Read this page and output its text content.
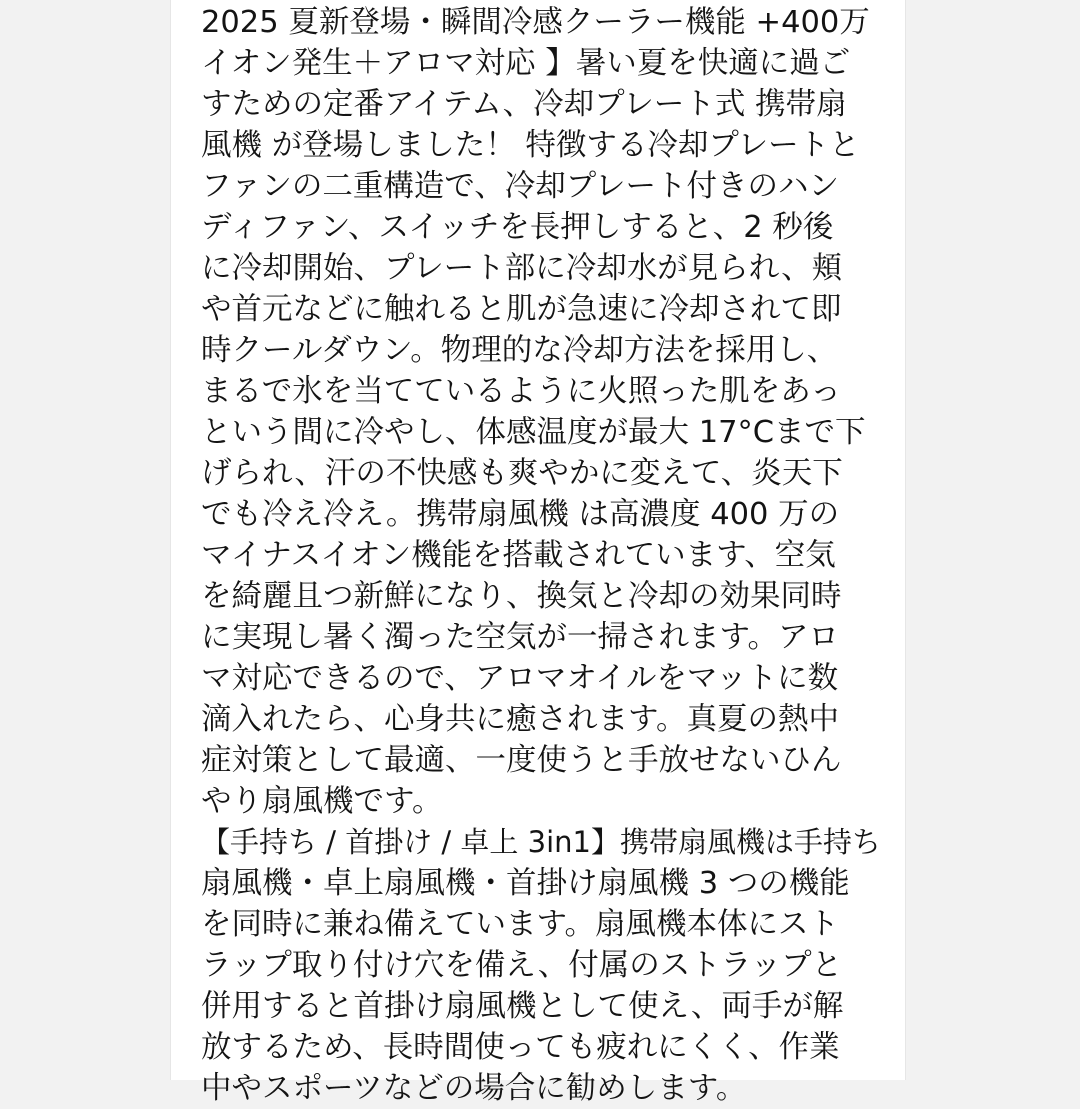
2025 夏新登場・瞬間冷感クーラー機能 +400万
イオン発生＋アロマ対応 】暑い夏を快適に過ご
すための定番アイテム、冷却プレート式 携帯扇
風機 が登場しました！ 特徴する冷却プレートと
ファンの二重構造で、冷却プレート付きのハン
ディファン、スイッチを長押しすると、2 秒後
に冷却開始、プレート部に冷却水が見られ、頬
や首元などに触れると肌が急速に冷却されて即
時クールダウン。物理的な冷却方法を採用し、
まるで氷を当てているように火照った肌をあっ
という間に冷やし、体感温度が最大 17°Cまで下
げられ、汗の不快感も爽やかに変えて、炎天下
でも冷え冷え。携帯扇風機 は高濃度 400 万の
マイナスイオン機能を搭載されています、空気
を綺麗且つ新鮮になり、換気と冷却の効果同時
に実現し暑く濁った空気が一掃されます。アロ
マ対応できるので、アロマオイルをマットに数
滴入れたら、心身共に癒されます。真夏の熱中
症対策として最適、一度使うと手放せないひん
やり扇風機です。
【手持ち / 首掛け / 卓上 3in1】携帯扇風機は手持ち
扇風機・卓上扇風機・首掛け扇風機 3 つの機能
を同時に兼ね備えています。扇風機本体にスト
ラップ取り付け穴を備え、付属のストラップと
併用すると首掛け扇風機として使え、両手が解
放するため、長時間使っても疲れにくく、作業
中やスポーツなどの場合に勧めします。
